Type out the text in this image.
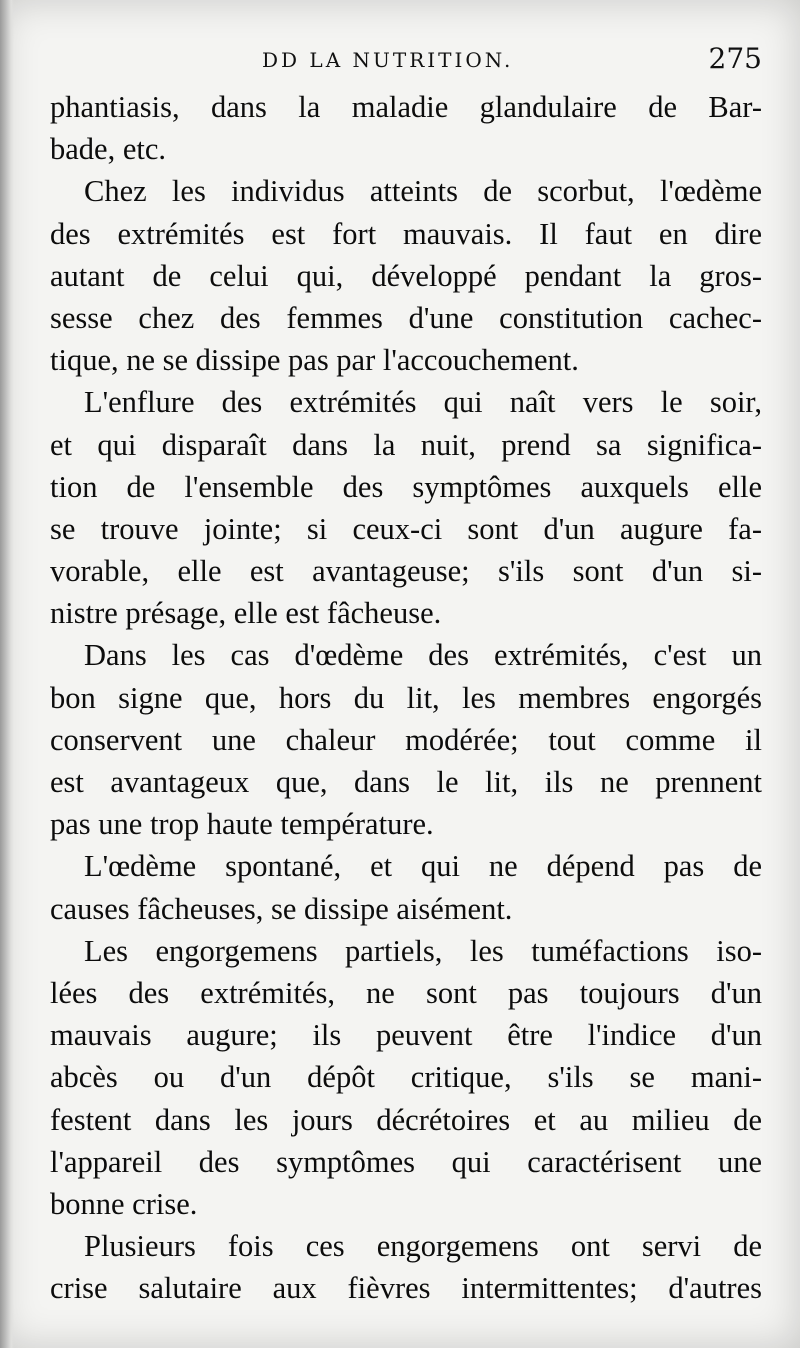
DD LA NUTRITION.	275
phantiasis, dans la maladie glandulaire de Bar-
bade, etc.
Chez les individus atteints de scorbut, l'œdème
des extrémités est fort mauvais. Il faut en dire
autant de celui qui, développé pendant la gros-
sesse chez des femmes d'une constitution cachec-
tique, ne se dissipe pas par l'accouchement.
L'enflure des extrémités qui naît vers le soir,
et qui disparaît dans la nuit, prend sa significa-
tion de l'ensemble des symptômes auxquels elle
se trouve jointe; si ceux-ci sont d'un augure fa-
vorable, elle est avantageuse; s'ils sont d'un si-
nistre présage, elle est fâcheuse.
Dans les cas d'œdème des extrémités, c'est un
bon signe que, hors du lit, les membres engorgés
conservent une chaleur modérée; tout comme il
est avantageux que, dans le lit, ils ne prennent
pas une trop haute température.
L'œdème spontané, et qui ne dépend pas de
causes fâcheuses, se dissipe aisément.
Les engorgemens partiels, les tuméfactions iso-
lées des extrémités, ne sont pas toujours d'un
mauvais augure; ils peuvent être l'indice d'un
abcès ou d'un dépôt critique, s'ils se mani-
festent dans les jours décrétoires et au milieu de
l'appareil des symptômes qui caractérisent une
bonne crise.
Plusieurs fois ces engorgemens ont servi de
crise salutaire aux fièvres intermittentes; d'autres
